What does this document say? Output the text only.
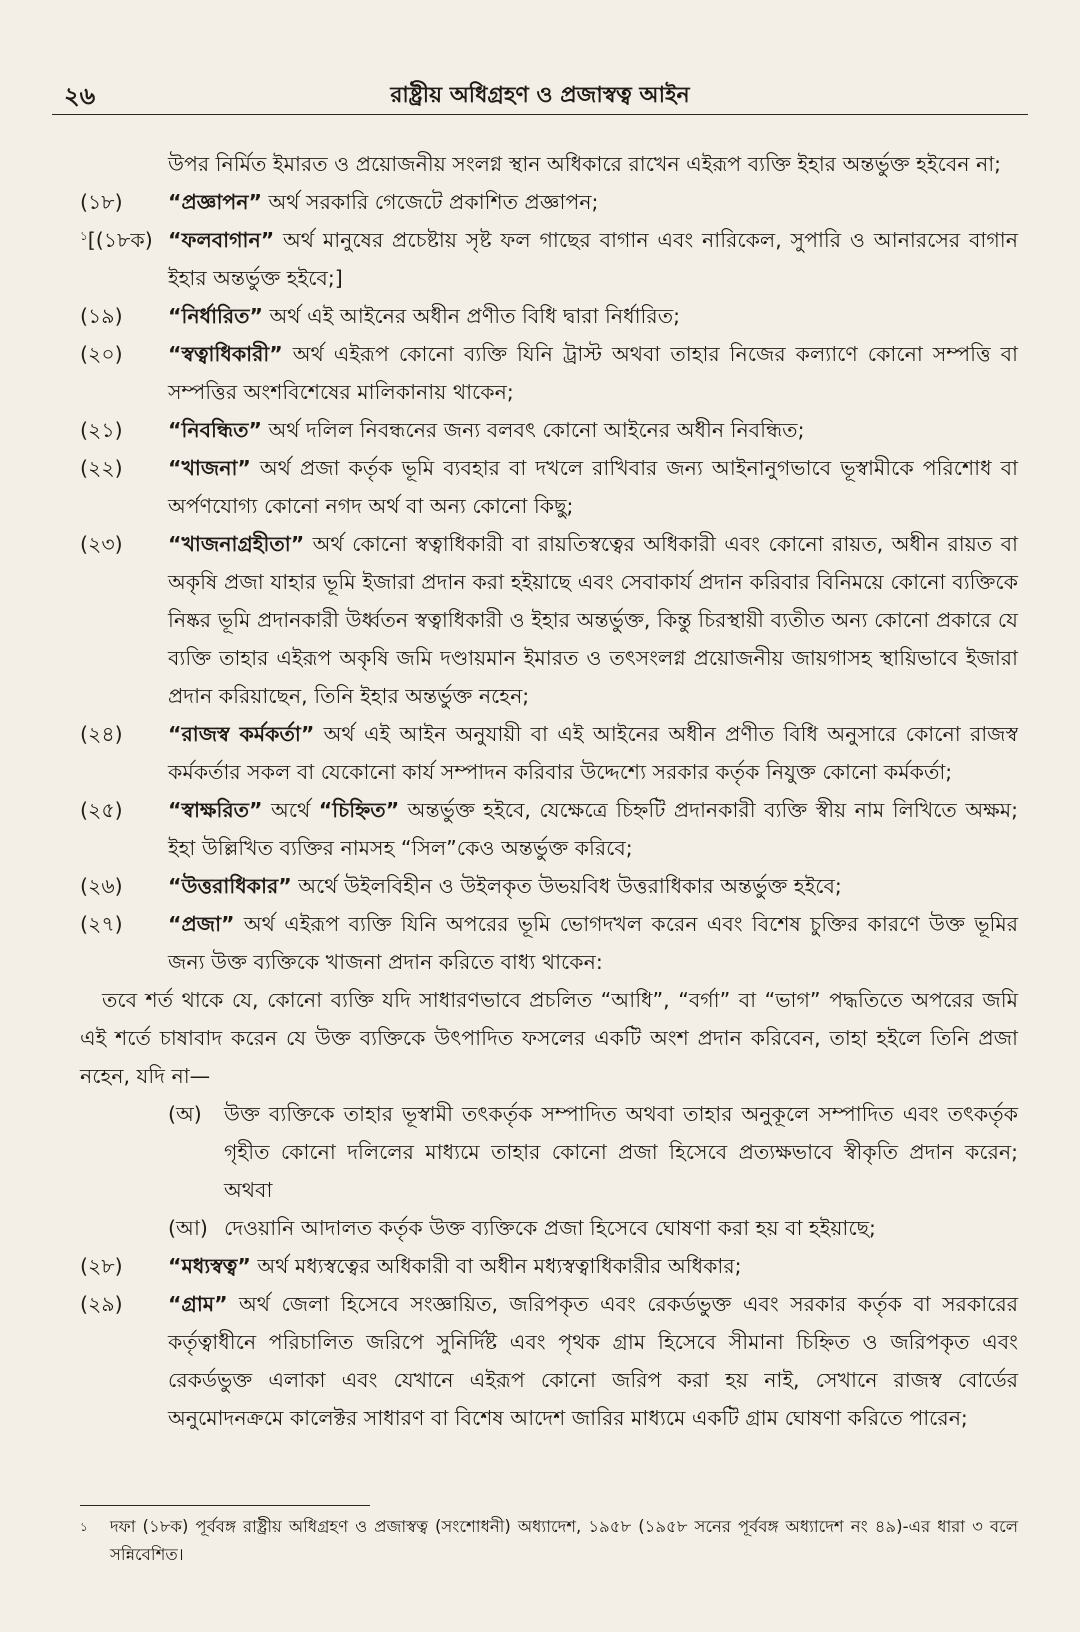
২৬	রাষ্ট্রীয় অধিগ্রহণ ও প্রজাস্বত্ব আইন

উপর নির্মিত ইমারত ও প্রয়োজনীয় সংলগ্ন স্থান অধিকারে রাখেন এইরূপ ব্যক্তি ইহার অন্তর্ভুক্ত হইবেন না;

(১৮)	“প্রজ্ঞাপন” অর্থ সরকারি গেজেটে প্রকাশিত প্রজ্ঞাপন;
$^১$[(১৮ক) “ফলবাগান” অর্থ মানুষের প্রচেষ্টায় সৃষ্ট ফল গাছের বাগান এবং নারিকেল, সুপারি ও আনারসের বাগান ইহার অন্তর্ভুক্ত হইবে;]
(১৯)	“নির্ধারিত” অর্থ এই আইনের অধীন প্রণীত বিধি দ্বারা নির্ধারিত;
(২০)	“স্বত্বাধিকারী” অর্থ এইরূপ কোনো ব্যক্তি যিনি ট্রাস্ট অথবা তাহার নিজের কল্যাণে কোনো সম্পত্তি বা সম্পত্তির অংশবিশেষের মালিকানায় থাকেন;
(২১)	“নিবন্ধিত” অর্থ দলিল নিবন্ধনের জন্য বলবৎ কোনো আইনের অধীন নিবন্ধিত;
(২২)	“খাজনা” অর্থ প্রজা কর্তৃক ভূমি ব্যবহার বা দখলে রাখিবার জন্য আইনানুগভাবে ভূস্বামীকে পরিশোধ বা অর্পণযোগ্য কোনো নগদ অর্থ বা অন্য কোনো কিছু;
(২৩)	“খাজনাগ্রহীতা” অর্থ কোনো স্বত্বাধিকারী বা রায়তিস্বত্বের অধিকারী এবং কোনো রায়ত, অধীন রায়ত বা অকৃষি প্রজা যাহার ভূমি ইজারা প্রদান করা হইয়াছে এবং সেবাকার্য প্রদান করিবার বিনিময়ে কোনো ব্যক্তিকে নিষ্কর ভূমি প্রদানকারী উর্ধ্বতন স্বত্বাধিকারী ও ইহার অন্তর্ভুক্ত, কিন্তু চিরস্থায়ী ব্যতীত অন্য কোনো প্রকারে যে ব্যক্তি তাহার এইরূপ অকৃষি জমি দণ্ডায়মান ইমারত ও তৎসংলগ্ন প্রয়োজনীয় জায়গাসহ স্থায়িভাবে ইজারা প্রদান করিয়াছেন, তিনি ইহার অন্তর্ভুক্ত নহেন;
(২৪)	“রাজস্ব কর্মকর্তা” অর্থ এই আইন অনুযায়ী বা এই আইনের অধীন প্রণীত বিধি অনুসারে কোনো রাজস্ব কর্মকর্তার সকল বা যেকোনো কার্য সম্পাদন করিবার উদ্দেশ্যে সরকার কর্তৃক নিযুক্ত কোনো কর্মকর্তা;
(২৫)	“স্বাক্ষরিত” অর্থে “চিহ্নিত” অন্তর্ভুক্ত হইবে, যেক্ষেত্রে চিহ্নটি প্রদানকারী ব্যক্তি স্বীয় নাম লিখিতে অক্ষম; ইহা উল্লিখিত ব্যক্তির নামসহ “সিল”কেও অন্তর্ভুক্ত করিবে;
(২৬)	“উত্তরাধিকার” অর্থে উইলবিহীন ও উইলকৃত উভয়বিধ উত্তরাধিকার অন্তর্ভুক্ত হইবে;
(২৭)	“প্রজা” অর্থ এইরূপ ব্যক্তি যিনি অপরের ভূমি ভোগদখল করেন এবং বিশেষ চুক্তির কারণে উক্ত ভূমির জন্য উক্ত ব্যক্তিকে খাজনা প্রদান করিতে বাধ্য থাকেন:

তবে শর্ত থাকে যে, কোনো ব্যক্তি যদি সাধারণভাবে প্রচলিত “আধি”, “বর্গা” বা “ভাগ” পদ্ধতিতে অপরের জমি এই শর্তে চাষাবাদ করেন যে উক্ত ব্যক্তিকে উৎপাদিত ফসলের একটি অংশ প্রদান করিবেন, তাহা হইলে তিনি প্রজা নহেন, যদি না—

(অ)	উক্ত ব্যক্তিকে তাহার ভূস্বামী তৎকর্তৃক সম্পাদিত অথবা তাহার অনুকূলে সম্পাদিত এবং তৎকর্তৃক গৃহীত কোনো দলিলের মাধ্যমে তাহার কোনো প্রজা হিসেবে প্রত্যক্ষভাবে স্বীকৃতি প্রদান করেন; অথবা
(আ) দেওয়ানি আদালত কর্তৃক উক্ত ব্যক্তিকে প্রজা হিসেবে ঘোষণা করা হয় বা হইয়াছে;
(২৮)	“মধ্যস্বত্ব” অর্থ মধ্যস্বত্বের অধিকারী বা অধীন মধ্যস্বত্বাধিকারীর অধিকার;
(২৯)	“গ্রাম” অর্থ জেলা হিসেবে সংজ্ঞায়িত, জরিপকৃত এবং রেকর্ডভুক্ত এবং সরকার কর্তৃক বা সরকারের কর্তৃত্বাধীনে পরিচালিত জরিপে সুনির্দিষ্ট এবং পৃথক গ্রাম হিসেবে সীমানা চিহ্নিত ও জরিপকৃত এবং রেকর্ডভুক্ত এলাকা এবং যেখানে এইরূপ কোনো জরিপ করা হয় নাই, সেখানে রাজস্ব বোর্ডের অনুমোদনক্রমে কালেক্টর সাধারণ বা বিশেষ আদেশ জারির মাধ্যমে একটি গ্রাম ঘোষণা করিতে পারেন;
১	দফা (১৮ক) পূর্ববঙ্গ রাষ্ট্রীয় অধিগ্রহণ ও প্রজাস্বত্ব (সংশোধনী) অধ্যাদেশ, ১৯৫৮ (১৯৫৮ সনের পূর্ববঙ্গ অধ্যাদেশ নং ৪৯)-এর ধারা ৩ বলে সন্নিবেশিত।
